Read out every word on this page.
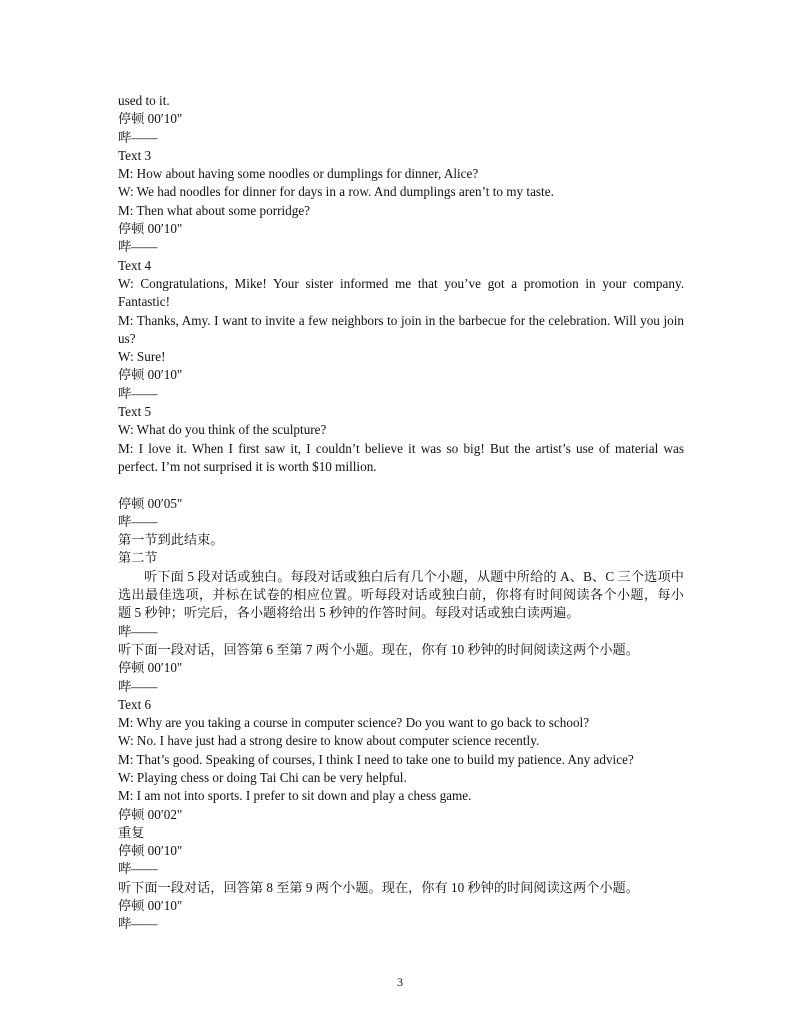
used to it.
停顿 00′10"
哔——
Text 3
M: How about having some noodles or dumplings for dinner, Alice?
W: We had noodles for dinner for days in a row. And dumplings aren’t to my taste.
M: Then what about some porridge?
停顿 00′10"
哔——
Text 4
W: Congratulations, Mike! Your sister informed me that you’ve got a promotion in your company. Fantastic!
M: Thanks, Amy. I want to invite a few neighbors to join in the barbecue for the celebration. Will you join us?
W: Sure!
停顿 00′10"
哔——
Text 5
W: What do you think of the sculpture?
M: I love it. When I first saw it, I couldn’t believe it was so big! But the artist’s use of material was perfect. I’m not surprised it is worth $10 million.
停顿 00′05"
哔——
第一节到此结束。
第二节
听下面 5 段对话或独白。每段对话或独白后有几个小题，从题中所给的 A、B、C 三个选项中选出最佳选项，并标在试卷的相应位置。听每段对话或独白前，你将有时间阅读各个小题，每小题 5 秒钟；听完后，各小题将给出 5 秒钟的作答时间。每段对话或独白读两遍。
哔——
听下面一段对话，回答第 6 至第 7 两个小题。现在，你有 10 秒钟的时间阅读这两个小题。
停顿 00′10"
哔——
Text 6
M: Why are you taking a course in computer science? Do you want to go back to school?
W: No. I have just had a strong desire to know about computer science recently.
M: That’s good. Speaking of courses, I think I need to take one to build my patience. Any advice?
W: Playing chess or doing Tai Chi can be very helpful.
M: I am not into sports. I prefer to sit down and play a chess game.
停顿 00′02"
重复
停顿 00′10"
哔——
听下面一段对话，回答第 8 至第 9 两个小题。现在，你有 10 秒钟的时间阅读这两个小题。
停顿 00′10"
哔——
3
